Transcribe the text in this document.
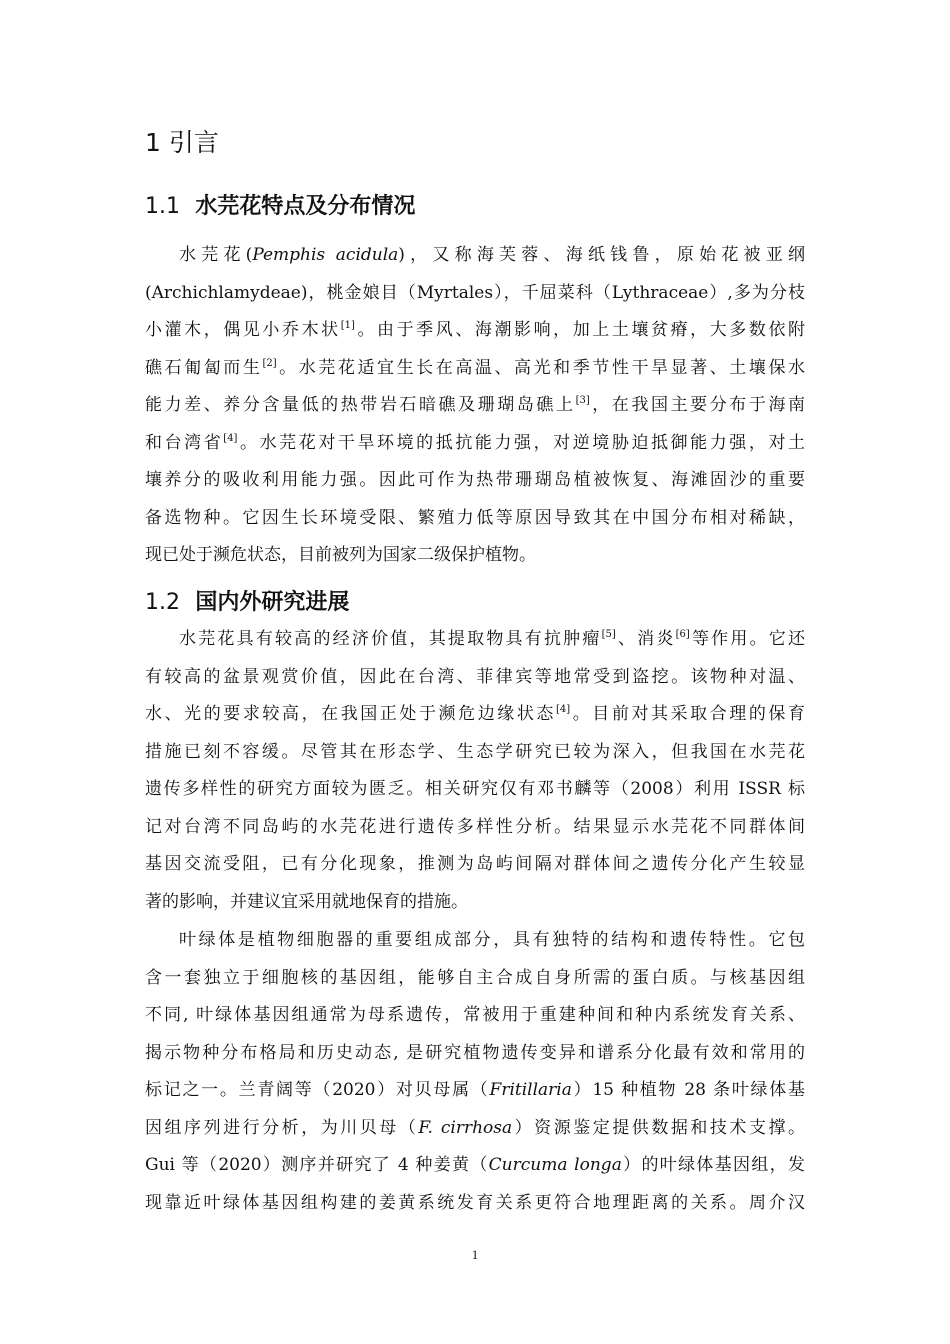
1 引言
1.1 水芫花特点及分布情况
水芫花(Pemphis acidula)，又称海芙蓉、海纸钱鲁，原始花被亚纲
(Archichlamydeae)，桃金娘目（Myrtales），千屈菜科（Lythraceae）,多为分枝
小灌木，偶见小乔木状[1]。由于季风、海潮影响，加上土壤贫瘠，大多数依附
礁石匍匐而生[2]。水芫花适宜生长在高温、高光和季节性干旱显著、土壤保水
能力差、养分含量低的热带岩石暗礁及珊瑚岛礁上[3]，在我国主要分布于海南
和台湾省[4]。水芫花对干旱环境的抵抗能力强，对逆境胁迫抵御能力强，对土
壤养分的吸收利用能力强。因此可作为热带珊瑚岛植被恢复、海滩固沙的重要
备选物种。它因生长环境受限、繁殖力低等原因导致其在中国分布相对稀缺，
现已处于濒危状态，目前被列为国家二级保护植物。
1.2 国内外研究进展
水芫花具有较高的经济价值，其提取物具有抗肿瘤[5]、消炎[6]等作用。它还
有较高的盆景观赏价值，因此在台湾、菲律宾等地常受到盗挖。该物种对温、
水、光的要求较高，在我国正处于濒危边缘状态[4]。目前对其采取合理的保育
措施已刻不容缓。尽管其在形态学、生态学研究已较为深入，但我国在水芫花
遗传多样性的研究方面较为匮乏。相关研究仅有邓书麟等（2008）利用 ISSR 标
记对台湾不同岛屿的水芫花进行遗传多样性分析。结果显示水芫花不同群体间
基因交流受阻，已有分化现象，推测为岛屿间隔对群体间之遗传分化产生较显
著的影响，并建议宜采用就地保育的措施。
叶绿体是植物细胞器的重要组成部分，具有独特的结构和遗传特性。它包
含一套独立于细胞核的基因组，能够自主合成自身所需的蛋白质。与核基因组
不同, 叶绿体基因组通常为母系遗传，常被用于重建种间和种内系统发育关系、
揭示物种分布格局和历史动态, 是研究植物遗传变异和谱系分化最有效和常用的
标记之一。兰青阔等（2020）对贝母属（Fritillaria）15 种植物 28 条叶绿体基
因组序列进行分析，为川贝母（F. cirrhosa）资源鉴定提供数据和技术支撑。
Gui 等（2020）测序并研究了 4 种姜黄（Curcuma longa）的叶绿体基因组，发
现靠近叶绿体基因组构建的姜黄系统发育关系更符合地理距离的关系。周介汉
1
